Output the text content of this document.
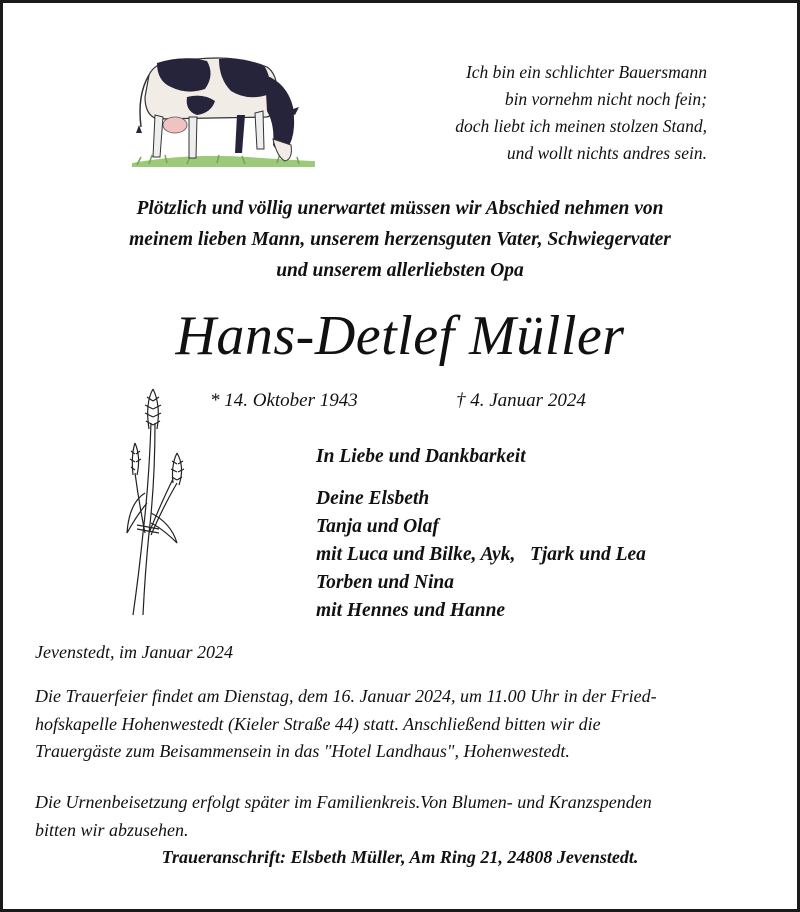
Ich bin ein schlichter Bauersmann
bin vornehm nicht noch fein;
doch liebt ich meinen stolzen Stand,
und wollt nichts andres sein.
Plötzlich und völlig unerwartet müssen wir Abschied nehmen von
meinem lieben Mann, unserem herzensguten Vater, Schwiegervater
und unserem allerliebsten Opa
Hans-Detlef Müller
* 14. Oktober 1943	† 4. Januar 2024
In Liebe und Dankbarkeit
Deine Elsbeth
Tanja und Olaf
mit Luca und Bilke, Ayk,   Tjark und Lea
Torben und Nina
mit Hennes und Hanne
Jevenstedt, im Januar 2024
Die Trauerfeier findet am Dienstag, dem 16. Januar 2024, um 11.00 Uhr in der Fried-
hofskapelle Hohenwestedt (Kieler Straße 44) statt. Anschließend bitten wir die
Trauergäste zum Beisammensein in das "Hotel Landhaus", Hohenwestedt.
Die Urnenbeisetzung erfolgt später im Familienkreis.Von Blumen- und Kranzspenden
bitten wir abzusehen.
Traueranschrift: Elsbeth Müller, Am Ring 21, 24808 Jevenstedt.
